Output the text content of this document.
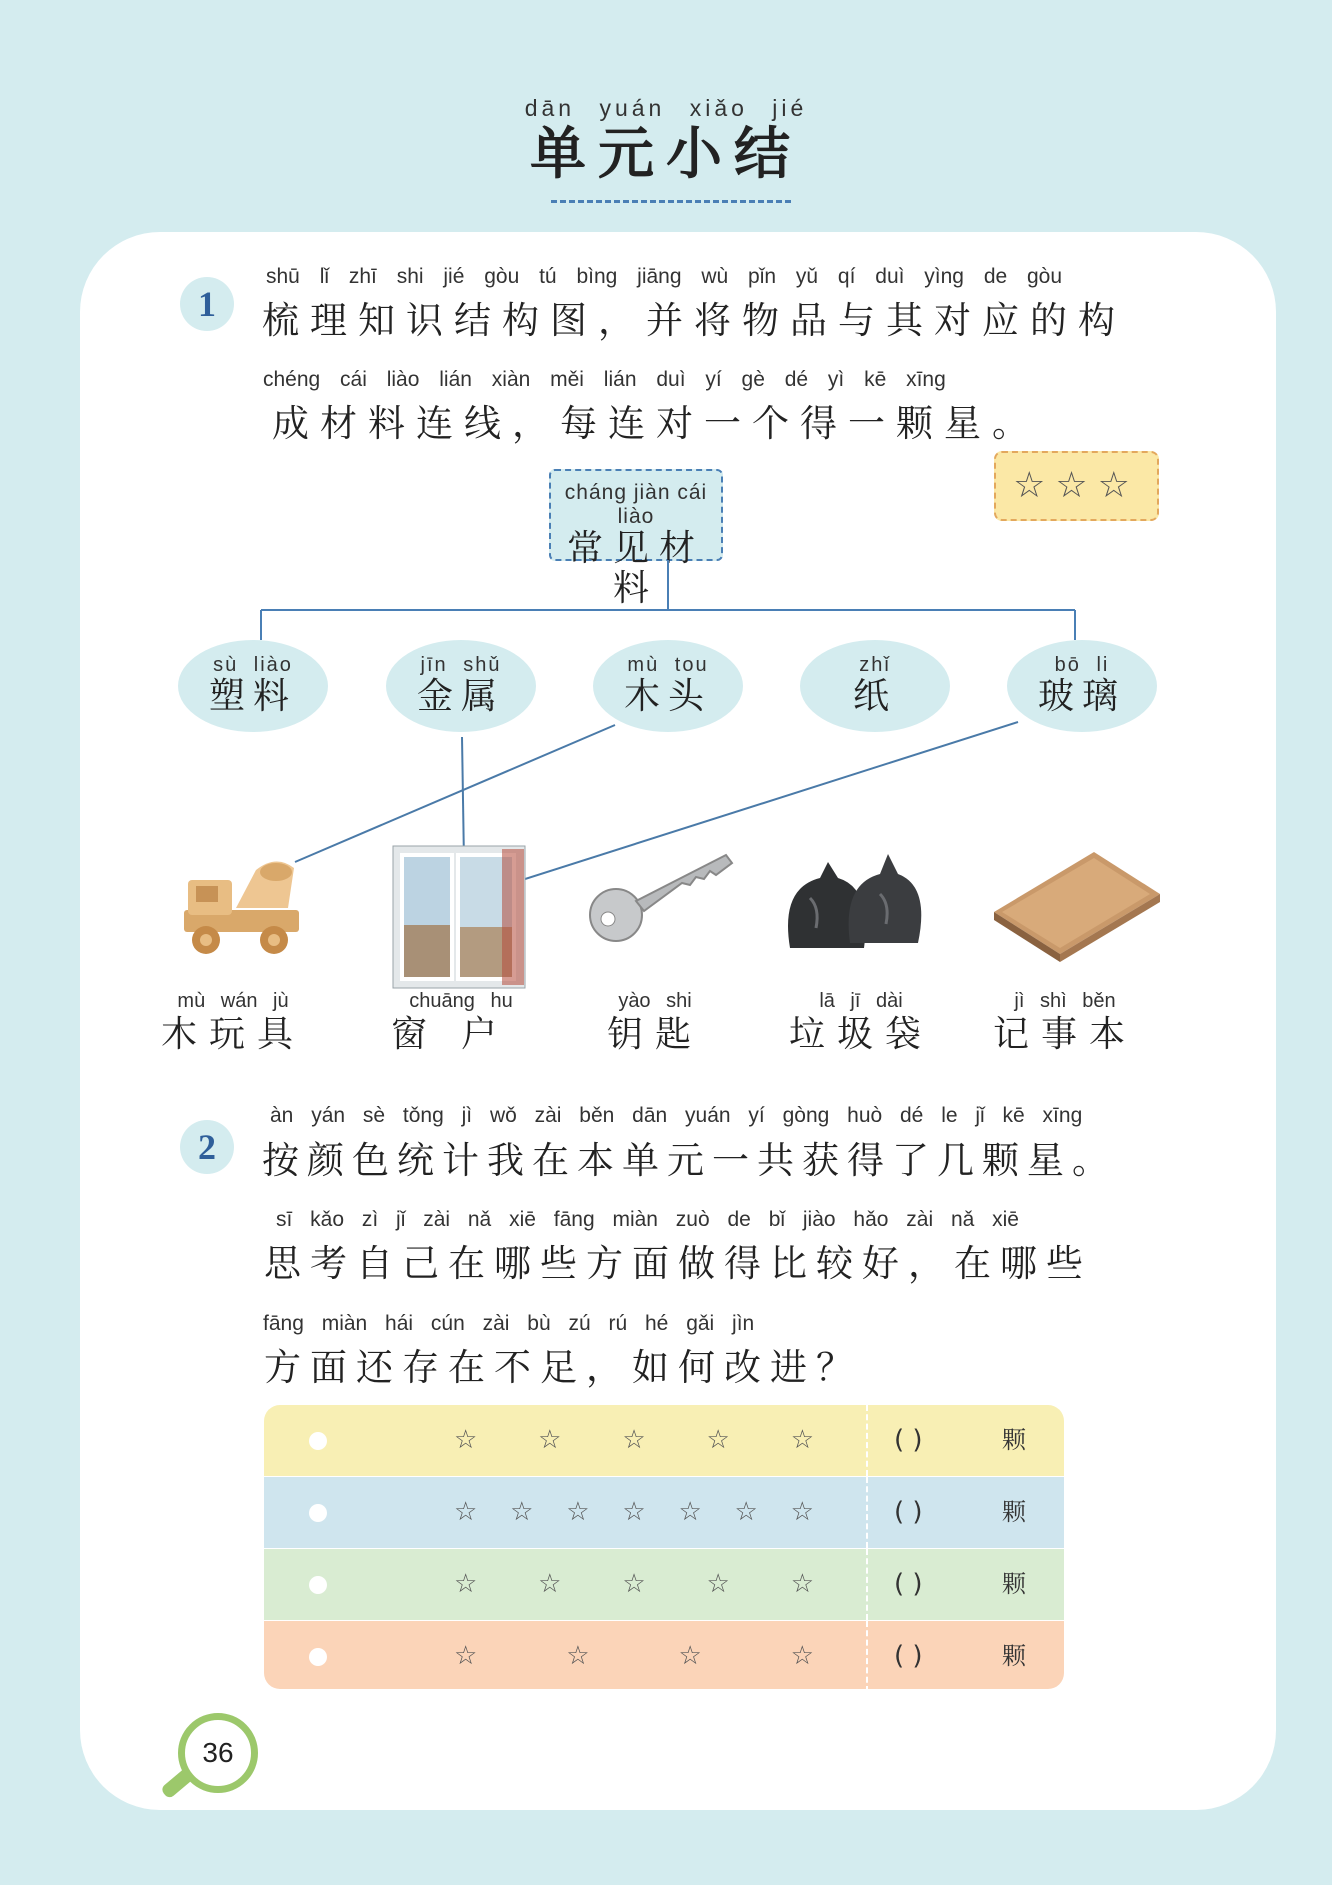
dān yuán xiǎo jié
单元小结
1
shū lǐ zhī shi jié gòu tú bìng jiāng wù pǐn yǔ qí duì yìng de gòu
梳理知识结构图，并将物品与其对应的构
chéng cái liào lián xiàn měi lián duì yí gè dé yì kē xīng
成材料连线，每连对一个得一颗星。
☆☆☆
cháng jiàn cái liào
常见材料
sù liào
塑料
jīn shǔ
金属
mù tou
木头
zhǐ
纸
bō li
玻璃
mù wán jù
木玩具
chuāng hu
窗户
yào shi
钥匙
lā jī dài
垃圾袋
jì shì běn
记事本
2
àn yán sè tǒng jì wǒ zài běn dān yuán yí gòng huò dé le jǐ kē xīng
按颜色统计我在本单元一共获得了几颗星。
sī kǎo zì jǐ zài nǎ xiē fāng miàn zuò de bǐ jiào hǎo zài nǎ xiē
思考自己在哪些方面做得比较好，在哪些
fāng miàn hái cún zài bù zú rú hé gǎi jìn
方面还存在不足，如何改进？
☆ ☆ ☆ ☆ ☆	( )	颗
☆ ☆ ☆ ☆ ☆ ☆ ☆	( )	颗
☆ ☆ ☆ ☆ ☆	( )	颗
☆	☆	☆	☆	( )	颗
36
